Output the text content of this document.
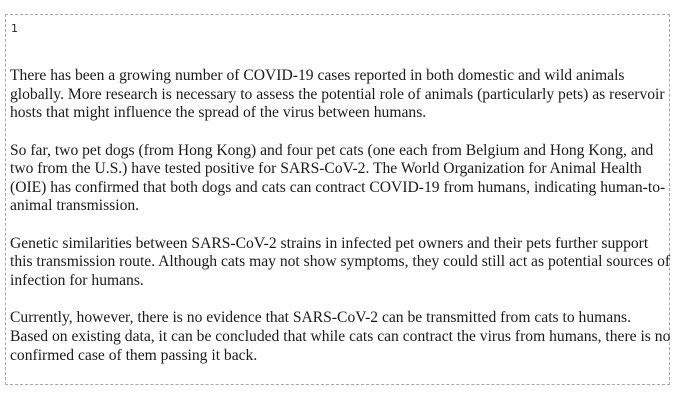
1

There has been a growing number of COVID-19 cases reported in both domestic and wild animals globally. More research is necessary to assess the potential role of animals (particularly pets) as reservoir hosts that might influence the spread of the virus between humans.

So far, two pet dogs (from Hong Kong) and four pet cats (one each from Belgium and Hong Kong, and two from the U.S.) have tested positive for SARS-CoV-2. The World Organization for Animal Health (OIE) has confirmed that both dogs and cats can contract COVID-19 from humans, indicating human-to-animal transmission.

Genetic similarities between SARS-CoV-2 strains in infected pet owners and their pets further support this transmission route. Although cats may not show symptoms, they could still act as potential sources of infection for humans.

Currently, however, there is no evidence that SARS-CoV-2 can be transmitted from cats to humans. Based on existing data, it can be concluded that while cats can contract the virus from humans, there is no confirmed case of them passing it back.
